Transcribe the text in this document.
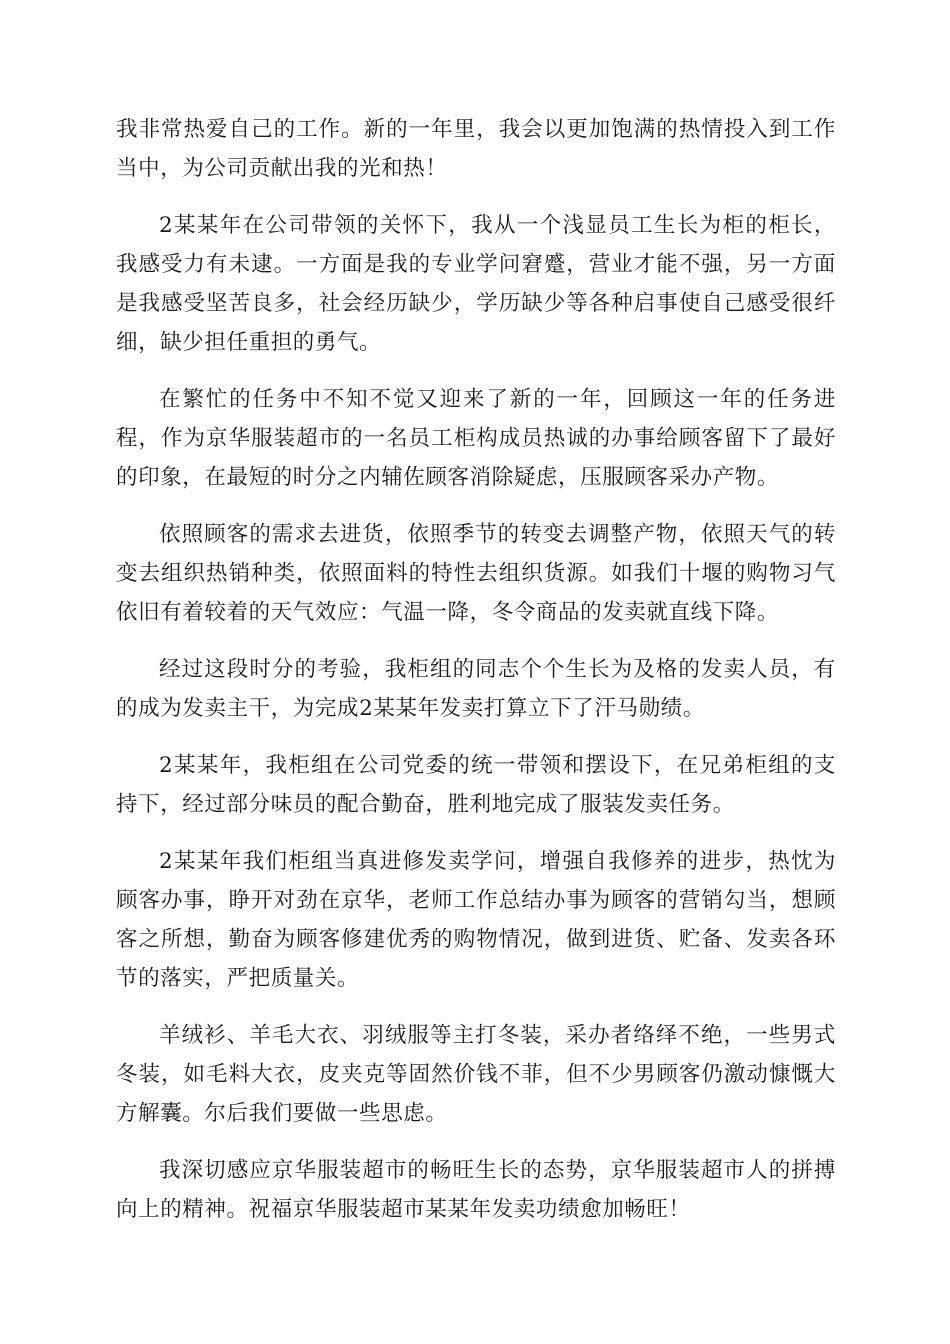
我非常热爱自己的工作。新的一年里，我会以更加饱满的热情投入到工作当中，为公司贡献出我的光和热！

2某某年在公司带领的关怀下，我从一个浅显员工生长为柜的柜长，我感受力有未逮。一方面是我的专业学问窘蹙，营业才能不强，另一方面是我感受坚苦良多，社会经历缺少，学历缺少等各种启事使自己感受很纤细，缺少担任重担的勇气。

在繁忙的任务中不知不觉又迎来了新的一年，回顾这一年的任务进程，作为京华服装超市的一名员工柜构成员热诚的办事给顾客留下了最好的印象，在最短的时分之内辅佐顾客消除疑虑，压服顾客采办产物。

依照顾客的需求去进货，依照季节的转变去调整产物，依照天气的转变去组织热销种类，依照面料的特性去组织货源。如我们十堰的购物习气依旧有着较着的天气效应：气温一降，冬令商品的发卖就直线下降。

经过这段时分的考验，我柜组的同志个个生长为及格的发卖人员，有的成为发卖主干，为完成2某某年发卖打算立下了汗马勋绩。

2某某年，我柜组在公司党委的统一带领和摆设下，在兄弟柜组的支持下，经过部分味员的配合勤奋，胜利地完成了服装发卖任务。

2某某年我们柜组当真进修发卖学问，增强自我修养的进步，热忱为顾客办事，睁开对劲在京华，老师工作总结办事为顾客的营销勾当，想顾客之所想，勤奋为顾客修建优秀的购物情况，做到进货、贮备、发卖各环节的落实，严把质量关。

羊绒衫、羊毛大衣、羽绒服等主打冬装，采办者络绎不绝，一些男式冬装，如毛料大衣，皮夹克等固然价钱不菲，但不少男顾客仍激动慷慨大方解囊。尔后我们要做一些思虑。

我深切感应京华服装超市的畅旺生长的态势，京华服装超市人的拼搏向上的精神。祝福京华服装超市某某年发卖功绩愈加畅旺！
